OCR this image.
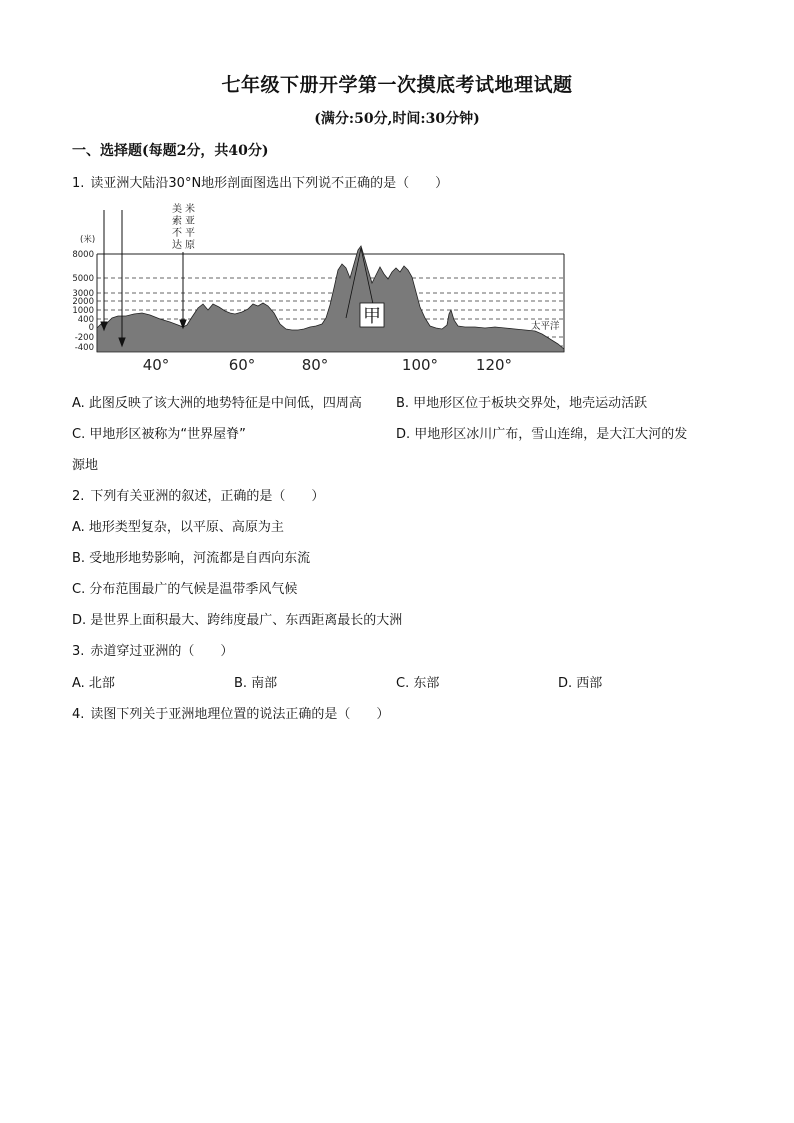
七年级下册开学第一次摸底考试地理试题
(满分:50分,时间:30分钟)
一、选择题(每题2分，共40分)
1. 读亚洲大陆沿30°N地形剖面图选出下列说不正确的是（　　）
(米)
8000
5000
3000
2000
1000
400
0
-200
-400
美
索
不
达
米
亚
平
原
甲	太平洋
40°	60°	80°	100°	120°
A. 此图反映了该大洲的地势特征是中间低，四周高	B. 甲地形区位于板块交界处，地壳运动活跃
C. 甲地形区被称为“世界屋脊”	D. 甲地形区冰川广布，雪山连绵，是大江大河的发
源地
2. 下列有关亚洲的叙述，正确的是（　　）
A. 地形类型复杂，以平原、高原为主
B. 受地形地势影响，河流都是自西向东流
C. 分布范围最广的气候是温带季风气候
D. 是世界上面积最大、跨纬度最广、东西距离最长的大洲
3. 赤道穿过亚洲的（　　）
A. 北部	B. 南部	C. 东部	D. 西部
4. 读图下列关于亚洲地理位置的说法正确的是（　　）
